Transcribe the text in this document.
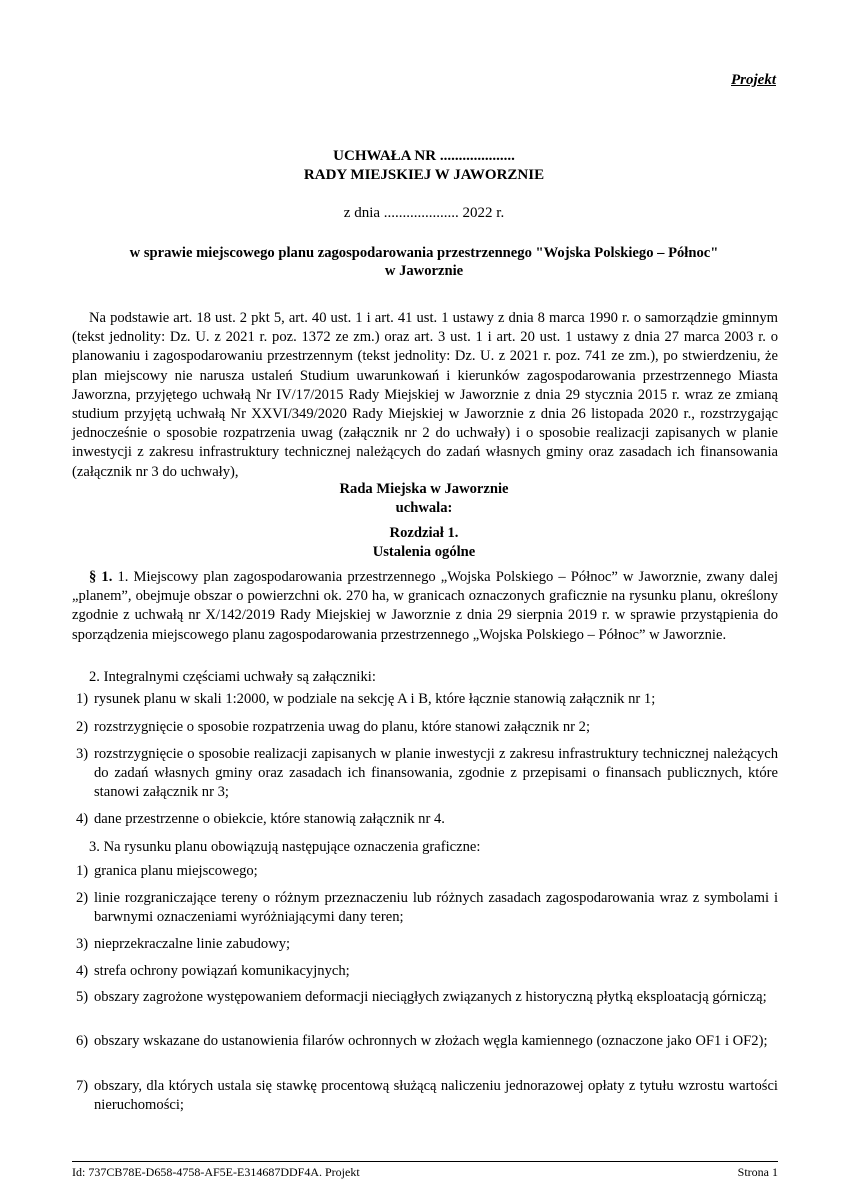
Projekt
UCHWAŁA NR ....................
RADY MIEJSKIEJ W JAWORZNIE
z dnia .................... 2022 r.
w sprawie miejscowego planu zagospodarowania przestrzennego "Wojska Polskiego – Północ"
w Jaworznie

Na podstawie art. 18 ust. 2 pkt 5, art. 40 ust. 1 i art. 41 ust. 1 ustawy z dnia 8 marca 1990 r. o samorządzie gminnym (tekst jednolity: Dz. U. z 2021 r. poz. 1372 ze zm.) oraz art. 3 ust. 1 i art. 20 ust. 1 ustawy z dnia 27 marca 2003 r. o planowaniu i zagospodarowaniu przestrzennym (tekst jednolity: Dz. U. z 2021 r. poz. 741 ze zm.), po stwierdzeniu, że plan miejscowy nie narusza ustaleń Studium uwarunkowań i kierunków zagospodarowania przestrzennego Miasta Jaworzna, przyjętego uchwałą Nr IV/17/2015 Rady Miejskiej w Jaworznie z dnia 29 stycznia 2015 r. wraz ze zmianą studium przyjętą uchwałą Nr XXVI/349/2020 Rady Miejskiej w Jaworznie z dnia 26 listopada 2020 r., rozstrzygając jednocześnie o sposobie rozpatrzenia uwag (załącznik nr 2 do uchwały) i o sposobie realizacji zapisanych w planie inwestycji z zakresu infrastruktury technicznej należących do zadań własnych gminy oraz zasadach ich finansowania (załącznik nr 3 do uchwały),

Rada Miejska w Jaworznie
uchwala:
Rozdział 1.
Ustalenia ogólne

§ 1. 1. Miejscowy plan zagospodarowania przestrzennego „Wojska Polskiego – Północ” w Jaworznie, zwany dalej „planem”, obejmuje obszar o powierzchni ok. 270 ha, w granicach oznaczonych graficznie na rysunku planu, określony zgodnie z uchwałą nr X/142/2019 Rady Miejskiej w Jaworznie z dnia 29 sierpnia 2019 r. w sprawie przystąpienia do sporządzenia miejscowego planu zagospodarowania przestrzennego „Wojska Polskiego – Północ” w Jaworznie.

2. Integralnymi częściami uchwały są załączniki:

1) rysunek planu w skali 1:2000, w podziale na sekcję A i B, które łącznie stanowią załącznik nr 1;
2) rozstrzygnięcie o sposobie rozpatrzenia uwag do planu, które stanowi załącznik nr 2;
3) rozstrzygnięcie o sposobie realizacji zapisanych w planie inwestycji z zakresu infrastruktury technicznej należących do zadań własnych gminy oraz zasadach ich finansowania, zgodnie z przepisami o finansach publicznych, które stanowi załącznik nr 3;
4) dane przestrzenne o obiekcie, które stanowią załącznik nr 4.

3. Na rysunku planu obowiązują następujące oznaczenia graficzne:

1) granica planu miejscowego;
2) linie rozgraniczające tereny o różnym przeznaczeniu lub różnych zasadach zagospodarowania wraz z symbolami i barwnymi oznaczeniami wyróżniającymi dany teren;
3) nieprzekraczalne linie zabudowy;
4) strefa ochrony powiązań komunikacyjnych;
5) obszary zagrożone występowaniem deformacji nieciągłych związanych z historyczną płytką eksploatacją górniczą;
6) obszary wskazane do ustanowienia filarów ochronnych w złożach węgla kamiennego (oznaczone jako OF1 i OF2);
7) obszary, dla których ustala się stawkę procentową służącą naliczeniu jednorazowej opłaty z tytułu wzrostu wartości nieruchomości;
Id: 737CB78E-D658-4758-AF5E-E314687DDF4A. Projekt	Strona 1
